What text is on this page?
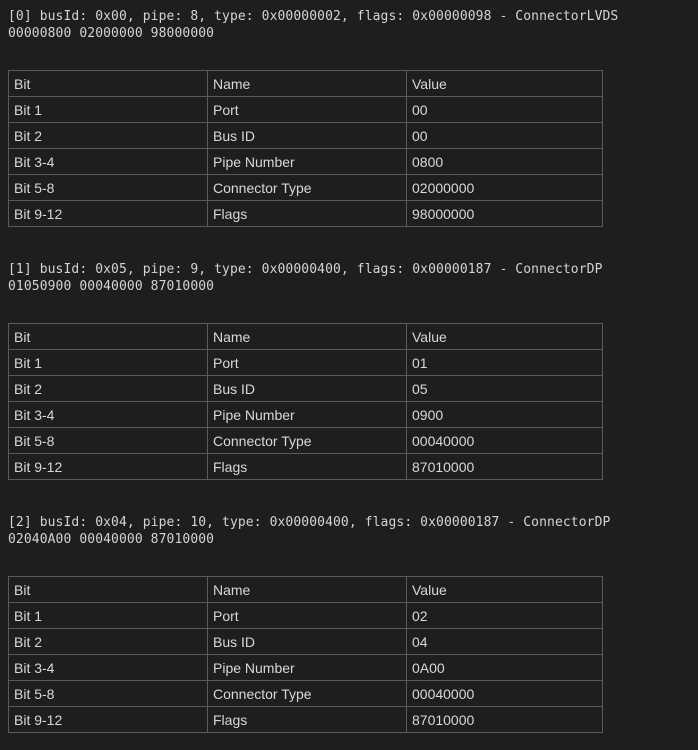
[0] busId: 0x00, pipe: 8, type: 0x00000002, flags: 0x00000098 - ConnectorLVDS
00000800 02000000 98000000
Bit	Name	Value
Bit 1	Port	00
Bit 2	Bus ID	00
Bit 3-4	Pipe Number	0800
Bit 5-8	Connector Type	02000000
Bit 9-12	Flags	98000000
[1] busId: 0x05, pipe: 9, type: 0x00000400, flags: 0x00000187 - ConnectorDP
01050900 00040000 87010000
Bit	Name	Value
Bit 1	Port	01
Bit 2	Bus ID	05
Bit 3-4	Pipe Number	0900
Bit 5-8	Connector Type	00040000
Bit 9-12	Flags	87010000
[2] busId: 0x04, pipe: 10, type: 0x00000400, flags: 0x00000187 - ConnectorDP
02040A00 00040000 87010000
Bit	Name	Value
Bit 1	Port	02
Bit 2	Bus ID	04
Bit 3-4	Pipe Number	0A00
Bit 5-8	Connector Type	00040000
Bit 9-12	Flags	87010000
